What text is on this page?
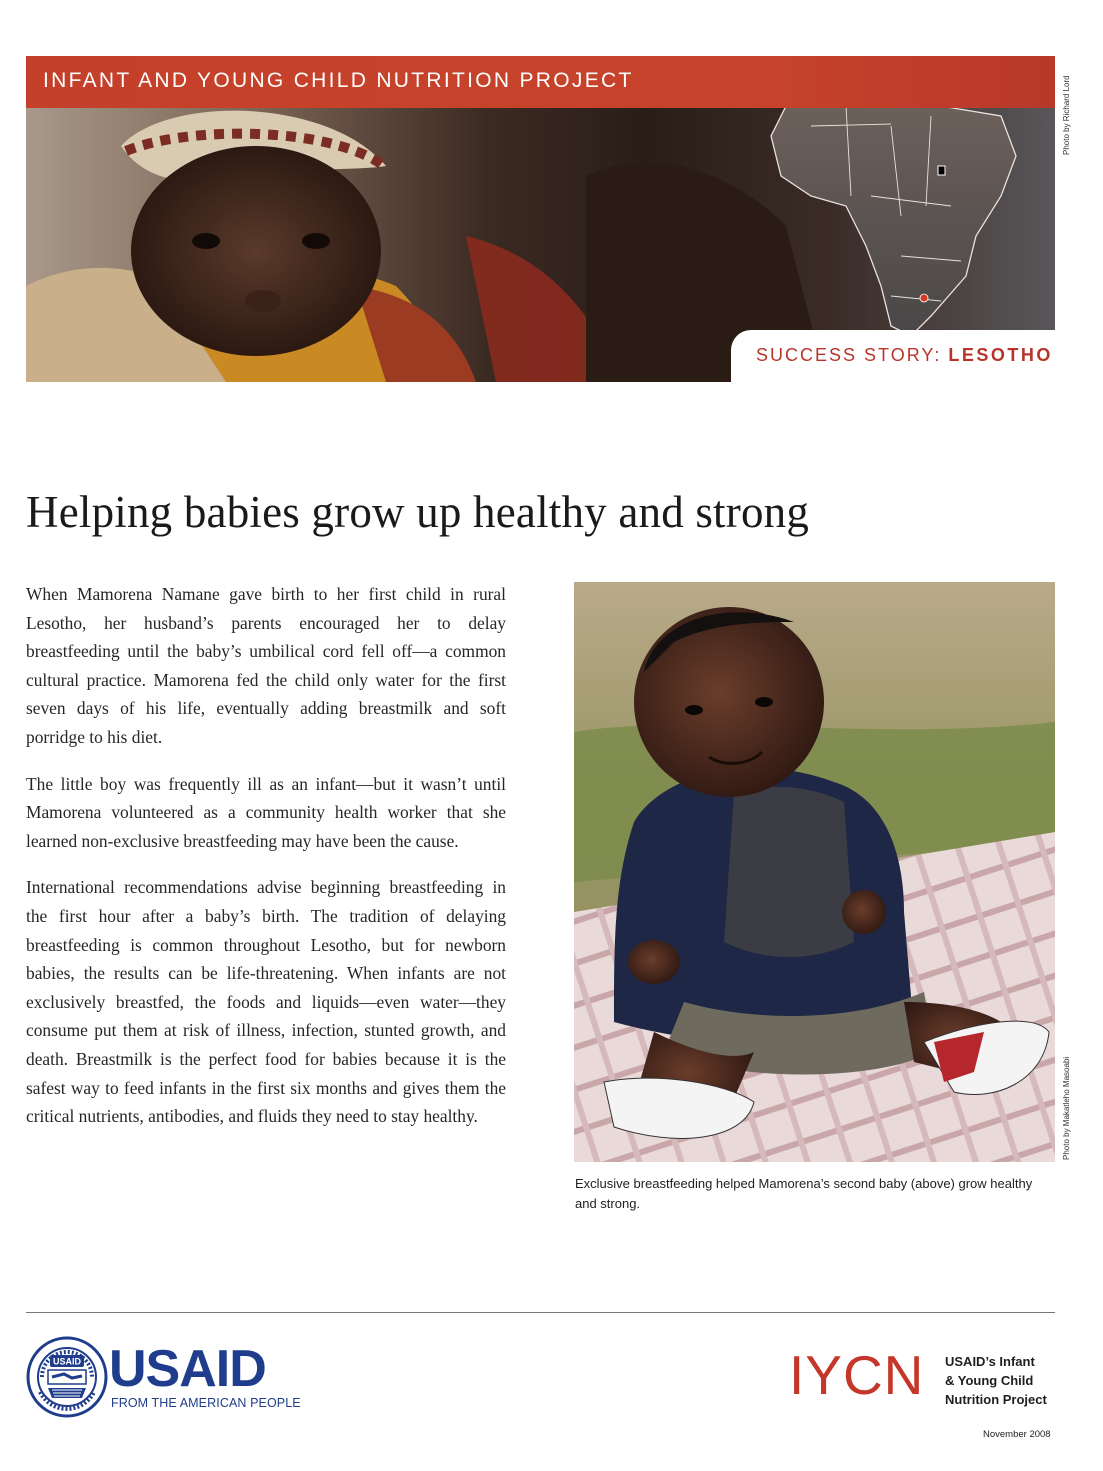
INFANT AND YOUNG CHILD NUTRITION PROJECT
SUCCESS STORY: LESOTHO
Photo by Richard Lord
Helping babies grow up healthy and strong

When Mamorena Namane gave birth to her first child in rural Lesotho, her husband’s parents encouraged her to delay breastfeeding until the baby’s umbilical cord fell off—a common cultural practice. Mamorena fed the child only water for the first seven days of his life, eventually adding breastmilk and soft porridge to his diet.

The little boy was frequently ill as an infant—but it wasn’t until Mamorena volunteered as a community health worker that she learned non-exclusive breastfeeding may have been the cause.

International recommendations advise beginning breastfeeding in the first hour after a baby’s birth. The tradition of delaying breastfeeding is common throughout Lesotho, but for newborn babies, the results can be life-threatening. When infants are not exclusively breastfed, the foods and liquids—even water—they consume put them at risk of illness, infection, stunted growth, and death. Breastmilk is the perfect food for babies because it is the safest way to feed infants in the first six months and gives them the critical nutrients, antibodies, and fluids they need to stay healthy.	Photo by Makatleho Masoabi

Exclusive breastfeeding helped Mamorena’s second baby (above) grow healthy and strong.

USAID USAID

FROM THE AMERICAN PEOPLE	IYCN USAID’s Infant
& Young Child
Nutrition Project

November 2008
